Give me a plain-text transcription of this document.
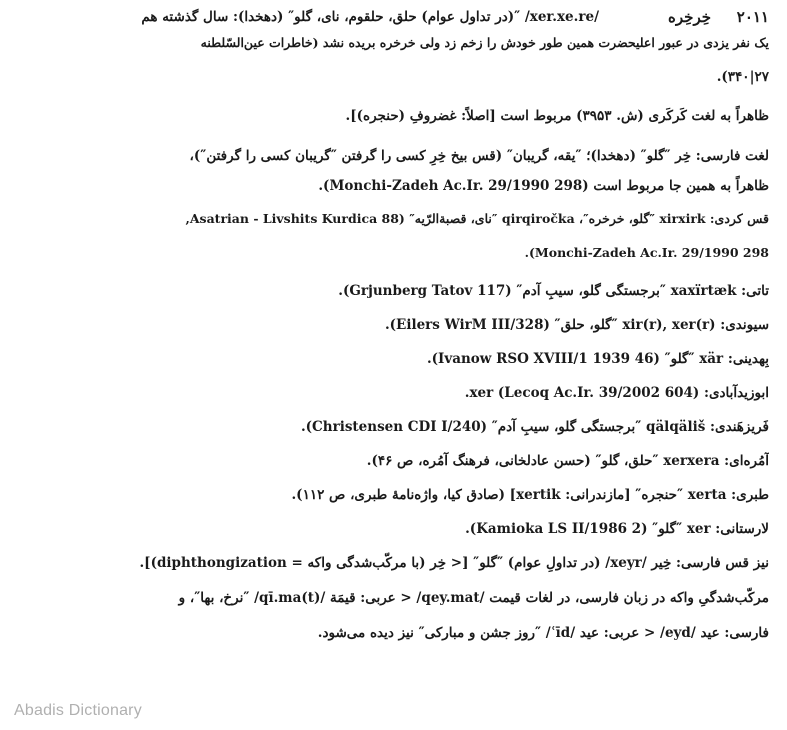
۲۰۱۱
خِرخِره
‏/xer.xe.re/ ″(در تداول عوام) حلق، حلقوم، نای، گلو″ (دهخدا): سال گذشته هم
یک نفر یزدی در عبور اعلیحضرت همین طور خودش را زخم زد ولی خرخره بریده نشد (خاطرات عین‌السّلطنه
۲۷|۳۴۰).
ظاهراً به لغت کَرکَری (ش. ۳۹۵۳) مربوط است [اصلاً: غضروفِ (حنجره)].
لغت فارسی: خِر ″گلو″ (دهخدا)؛ ″یقه، گریبان″ (قس بیخ خِرِ کسی را گرفتن ″گریبان کسی را گرفتن″)،
ظاهراً به همین جا مربوط است (Monchi-Zadeh Ac.Ir. 29/1990 298).
قس کردی: xirxirk ″گلو، خرخره″، qirqiročka ″نای، قصبةالرّیه″ (Asatrian - Livshits Kurdica 88,
Monchi-Zadeh Ac.Ir. 29/1990 298).
تاتی: xaxïrtæk ″برجستگی گلو، سیبِ آدم″ (Grjunberg Tatov 117).
سیوندی: xir(r), xer(r) ″گلو، حلق″ (Eilers WirM III/328).
بِهدینی: xär ″گلو″ (Ivanow RSO XVIII/1 1939 46).
ابوزیدآبادی: xer (Lecoq Ac.Ir. 39/2002 604).
فَریزهَندی: qälqäliš ″برجستگی گلو، سیبِ آدم″ (Christensen CDI I/240).
آمُره‌ای: xerxera ″حلق، گلو″ (حسن عادلخانی، فرهنگ آمُره، ص ۴۶).
طبری: xerta ″حنجره″ [مازندرانی: xertik] (صادق کیا، واژه‌نامهٔ طبری، ص ۱۱۲).
لارستانی: xer ″گلو″ (Kamioka LS II/1986 2).
نیز قس فارسی: خِیر /xeyr/ (در تداولِ عوام) ″گلو″ [< خِر (با مرکّب‌شدگی واکه = diphthongization)].
مرکّب‌شدگیِ واکه در زبان فارسی، در لغات قیمت /qey.mat/ < عربی: قیمَة /qī.ma(t)/ ″نرخ، بها″، و
فارسی: عید /eyd/ < عربی: عید /ʿīd/ ″روز جشن و مبارکی″ نیز دیده می‌شود.
Abadis Dictionary
